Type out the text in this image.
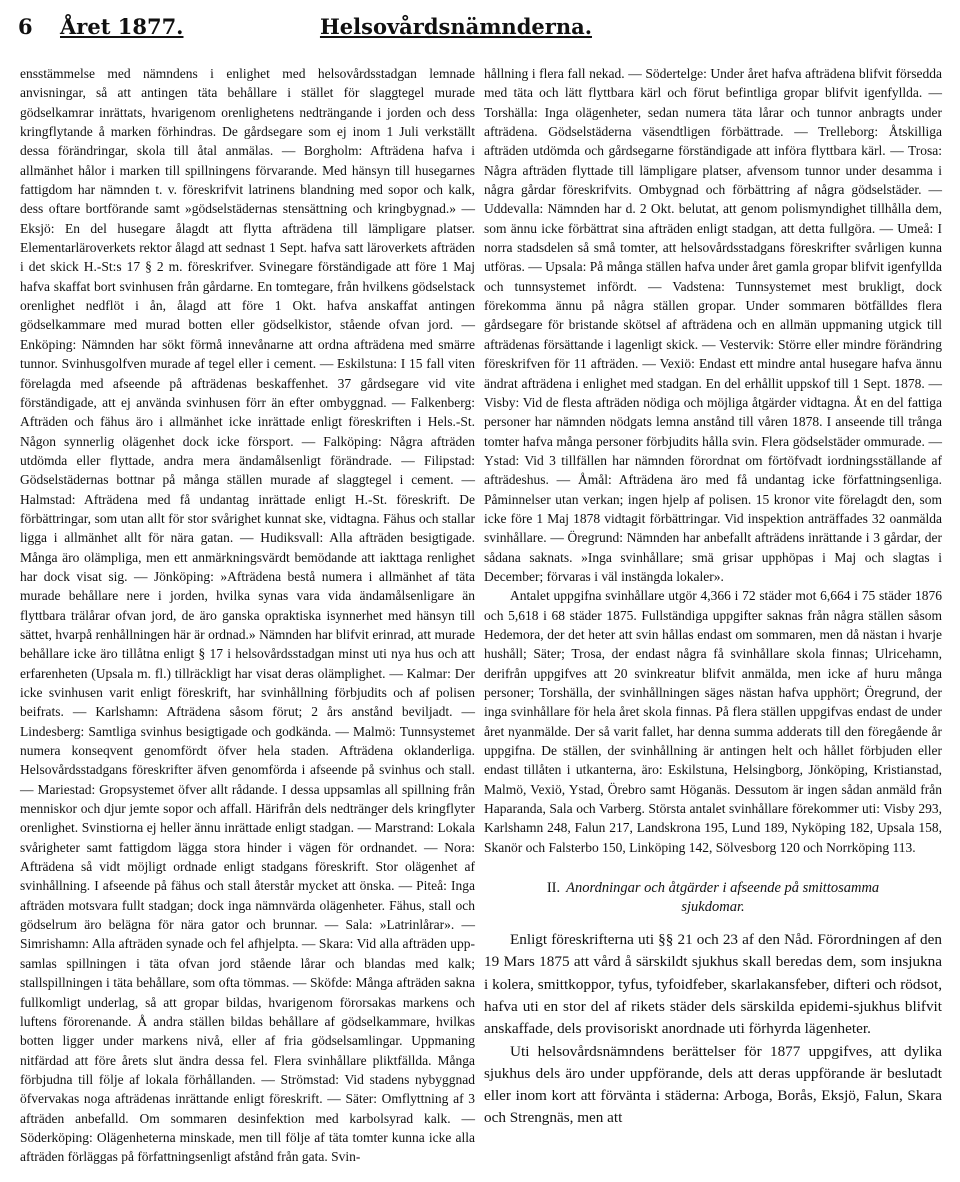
6 Året 1877.	Helsovårdsnämnderna.

ensstämmelse med nämndens i enlighet med helsovårdsstadgan lemnade anvisningar, så att antingen täta behållare i stället för slaggtegel murade gödselkamrar inrättats, hvarigenom orenlighetens nedträngande i jorden och dess kringflytande å marken förhindras. De gårdsegare som ej inom 1 Juli verkställt dessa förändringar, skola till åtal anmälas. — Borgholm: Afträdena hafva i allmänhet hålor i marken till spillningens förvarande. Med hänsyn till husegarnes fattigdom har nämnden t. v. föreskrifvit latrinens blandning med sopor och kalk, dess oftare bortförande samt »gödselstädernas stensättning och kringbygnad.» — Eksjö: En del husegare ålagdt att flytta afträdena till lämpligare platser. Elementarläroverkets rektor ålagd att sednast 1 Sept. hafva satt läroverkets afträden i det skick H.-St:s 17 § 2 m. föreskrifver. Svinegare förständigade att före 1 Maj hafva skaffat bort svinhusen från gårdarne. En tomtegare, från hvilkens gödselstack orenlighet nedflöt i ån, ålagd att före 1 Okt. hafva anskaffat antingen gödselkammare med murad botten eller gödselkistor, stående ofvan jord. — Enköping: Nämnden har sökt förmå innevånarne att ordna afträdena med smärre tunnor. Svinhusgolfven murade af tegel eller i cement. — Eskilstuna: I 15 fall viten förelagda med afseende på afträdenas beskaffenhet. 37 gårdsegare vid vite förständigade, att ej använda svinhusen förr än efter ombyggnad. — Falkenberg: Afträden och fähus äro i allmänhet icke inrättade enligt föreskriften i Hels.-St. Någon synnerlig olägenhet dock icke försport. — Falköping: Några afträden utdömda eller flyttade, andra mera ändamålsenligt förändrade. — Filipstad: Gödselstädernas bottnar på många ställen murade af slaggtegel i cement. — Halmstad: Afträdena med få undantag inrättade enligt H.-St. föreskrift. De förbättringar, som utan allt för stor svårighet kunnat ske, vidtagna. Fähus och stallar ligga i allmänhet allt för nära gatan. — Hudiksvall: Alla afträden besigtigade. Många äro olämpliga, men ett anmärkningsvärdt bemödande att iakttaga renlighet har dock visat sig. — Jönköping: »Afträdena bestå numera i allmänhet af täta murade behållare nere i jorden, hvilka synas vara vida ändamålsenligare än flyttbara trälårar ofvan jord, de äro ganska opraktiska isynnerhet med hänsyn till sättet, hvarpå renhållningen här är ordnad.» Nämnden har blifvit erinrad, att murade behållare icke äro tillåtna enligt § 17 i helsovårdsstadgan minst uti nya hus och att erfarenheten (Upsala m. fl.) tillräckligt har visat deras olämplighet. — Kalmar: Der icke svinhusen varit enligt föreskrift, har svinhållning förbjudits och af polisen beifrats. — Karlshamn: Afträdena såsom förut; 2 års anstånd beviljadt. — Lindesberg: Samtliga svinhus besigtigade och godkända. — Malmö: Tunnsystemet numera konseqvent genomfördt öfver hela staden. Afträdena oklanderliga. Helsovårdsstadgans föreskrifter äfven genomförda i afseende på svinhus och stall. — Mariestad: Gropsystemet öfver allt rådande. I dessa uppsamlas all spillning från menniskor och djur jemte sopor och affall. Härifrån dels nedtränger dels kringflyter orenlighet. Svinstiorna ej heller ännu inrättade enligt stadgan. — Marstrand: Lokala svårigheter samt fattigdom lägga stora hinder i vägen för ordnandet. — Nora: Afträdena så vidt möjligt ordnade enligt stadgans föreskrift. Stor olägenhet af svinhållning. I afseende på fähus och stall återstår mycket att önska. — Piteå: Inga afträden motsvara fullt stadgan; dock inga nämnvärda olägenheter. Fähus, stall och gödselrum äro belägna för nära gator och brunnar. — Sala: »Latrinlårar». — Simrishamn: Alla afträden synade och fel afhjelpta. — Skara: Vid alla afträden upp-samlas spillningen i täta ofvan jord stående lårar och blandas med kalk; stallspillningen i täta behållare, som ofta tömmas. — Sköfde: Många afträden sakna fullkomligt underlag, så att gropar bildas, hvarigenom förorsakas markens och luftens förorenande. Å andra ställen bildas behållare af gödselkammare, hvilkas botten ligger under markens nivå, eller af fria gödselsamlingar. Uppmaning nitfärdad att före årets slut ändra dessa fel. Flera svinhållare pliktfällda. Många förbjudna till följe af lokala förhållanden. — Strömstad: Vid stadens nybyggnad öfvervakas noga afträdenas inrättande enligt föreskrift. — Säter: Omflyttning af 3 afträden anbefalld. Om sommaren desinfektion med karbolsyrad kalk. — Söderköping: Olägenheterna minskade, men till följe af täta tomter kunna icke alla afträden förläggas på författningsenligt afstånd från gata. Svin-

hållning i flera fall nekad. — Södertelge: Under året hafva afträdena blifvit försedda med täta och lätt flyttbara kärl och förut befintliga gropar blifvit igenfyllda. — Torshälla: Inga olägenheter, sedan numera täta lårar och tunnor anbragts under afträdena. Gödselstäderna väsendtligen förbättrade. — Trelleborg: Åtskilliga afträden utdömda och gårdsegarne förständigade att införa flyttbara kärl. — Trosa: Några afträden flyttade till lämpligare platser, afvensom tunnor under desamma i några gårdar föreskrifvits. Ombygnad och förbättring af några gödselstäder. — Uddevalla: Nämnden har d. 2 Okt. belutat, att genom polismyndighet tillhålla dem, som ännu icke förbättrat sina afträden enligt stadgan, att detta fullgöra. — Umeå: I norra stadsdelen så små tomter, att helsovårdsstadgans föreskrifter svårligen kunna utföras. — Upsala: På många ställen hafva under året gamla gropar blifvit igenfyllda och tunnsystemet infördt. — Vadstena: Tunnsystemet mest brukligt, dock förekomma ännu på några ställen gropar. Under sommaren bötfälldes flera gårdsegare för bristande skötsel af afträdena och en allmän uppmaning utgick till afträdenas försättande i lagenligt skick. — Vestervik: Större eller mindre förändring föreskrifven för 11 afträden. — Vexiö: Endast ett mindre antal husegare hafva ännu ändrat afträdena i enlighet med stadgan. En del erhållit uppskof till 1 Sept. 1878. — Visby: Vid de flesta afträden nödiga och möjliga åtgärder vidtagna. Åt en del fattiga personer har nämnden nödgats lemna anstånd till våren 1878. I anseende till trånga tomter hafva många personer förbjudits hålla svin. Flera gödselstäder ommurade. — Ystad: Vid 3 tillfällen har nämnden förordnat om förtöfvadt iordningsställande af afträdeshus. — Åmål: Afträdena äro med få undantag icke författningsenliga. Påminnelser utan verkan; ingen hjelp af polisen. 15 kronor vite förelagdt den, som icke före 1 Maj 1878 vidtagit förbättringar. Vid inspektion anträffades 32 oanmälda svinhållare. — Öregrund: Nämnden har anbefallt afträdens inrättande i 3 gårdar, der sådana saknats. »Inga svinhållare; smä grisar upphöpas i Maj och slagtas i December; förvaras i väl instängda lokaler».

Antalet uppgifna svinhållare utgör 4,366 i 72 städer mot 6,664 i 75 städer 1876 och 5,618 i 68 städer 1875. Fullständiga uppgifter saknas från några ställen såsom Hedemora, der det heter att svin hållas endast om sommaren, men då nästan i hvarje hushåll; Säter; Trosa, der endast några få svinhållare skola finnas; Ulricehamn, derifrån uppgifves att 20 svinkreatur blifvit anmälda, men icke af huru många personer; Torshälla, der svinhållningen säges nästan hafva upphört; Öregrund, der inga svinhållare för hela året skola finnas. På flera ställen uppgifvas endast de under året nyanmälde. Der så varit fallet, har denna summa adderats till den föregående år uppgifna. De ställen, der svinhållning är antingen helt och hållet förbjuden eller endast tillåten i utkanterna, äro: Eskilstuna, Helsingborg, Jönköping, Kristianstad, Malmö, Vexiö, Ystad, Örebro samt Höganäs. Dessutom är ingen sådan anmäld från Haparanda, Sala och Varberg. Största antalet svinhållare förekommer uti: Visby 293, Karlshamn 248, Falun 217, Landskrona 195, Lund 189, Nyköping 182, Upsala 158, Skanör och Falsterbo 150, Linköping 142, Sölvesborg 120 och Norrköping 113.

II. Anordningar och åtgärder i afseende på smittosamma sjukdomar.

Enligt föreskrifterna uti §§ 21 och 23 af den Nåd. Förordningen af den 19 Mars 1875 att vård å särskildt sjukhus skall beredas dem, som insjukna i kolera, smittkoppor, tyfus, tyfoidfeber, skarlakansfeber, difteri och rödsot, hafva uti en stor del af rikets städer dels särskilda epidemi-sjukhus blifvit anskaffade, dels provisoriskt anordnade uti förhyrda lägenheter.

Uti helsovårdsnämndens berättelser för 1877 uppgifves, att dylika sjukhus dels äro under uppförande, dels att deras uppförande är beslutadt eller inom kort att förvänta i städerna: Arboga, Borås, Eksjö, Falun, Skara och Strengnäs, men att
